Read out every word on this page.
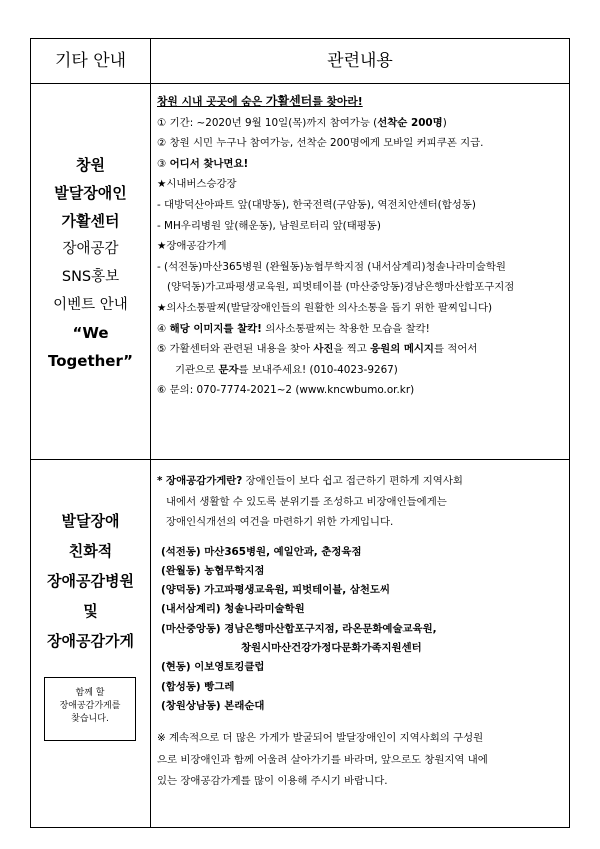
기타 안내	관련내용
창원
발달장애인
가활센터
장애공감
SNS홍보
이벤트 안내
“We
Together”
발달장애
친화적
장애공감병원
및
장애공감가게
함께 할
장애공감가게를
찾습니다.
창원 시내 곳곳에 숨은 가활센터를 찾아라!
① 기간: ~2020년 9월 10일(목)까지 참여가능 (선착순 200명)
② 창원 시민 누구나 참여가능, 선착순 200명에게 모바일 커피쿠폰 지급.
③ 어디서 찾나면요!
★시내버스승강장
- 대방덕산아파트 앞(대방동), 한국전력(구암동), 역전치안센터(합성동)
- MH우리병원 앞(해운동), 남원로터리 앞(태평동)
★장애공감가게
- (석전동)마산365병원 (완월동)농협무학지점 (내서삼계리)청솔나라미술학원
(양덕동)가고파평생교육원, 피벗테이블 (마산중앙동)경남은행마산합포구지점
★의사소통팔찌(발달장애인들의 원활한 의사소통을 돕기 위한 팔찌입니다)
④ 해당 이미지를 찰칵! 의사소통팔찌는 착용한 모습을 찰칵!
⑤ 가활센터와 관련된 내용을 찾아 사진을 찍고 응원의 메시지를 적어서
기관으로 문자를 보내주세요! (010-4023-9267)
⑥ 문의: 070-7774-2021~2 (www.kncwbumo.or.kr)
* 장애공감가게란? 장애인들이 보다 쉽고 접근하기 편하게 지역사회
내에서 생활할 수 있도록 분위기를 조성하고 비장애인들에게는
장애인식개선의 여건을 마련하기 위한 가게입니다.
(석전동) 마산365병원, 예일안과, 춘정육점
(완월동) 농협무학지점
(양덕동) 가고파평생교육원, 피벗테이블, 삼천도씨
(내서삼계리) 청솔나라미술학원
(마산중앙동) 경남은행마산합포구지점, 라온문화예술교육원,
창원시마산건강가정다문화가족지원센터
(현동) 이보영토킹클럽
(합성동) 빵그레
(창원상남동) 본래순대
※ 계속적으로 더 많은 가게가 발굴되어 발달장애인이 지역사회의 구성원
으로 비장애인과 함께 어울려 살아가기를 바라며, 앞으로도 창원지역 내에
있는 장애공감가게를 많이 이용해 주시기 바랍니다.
